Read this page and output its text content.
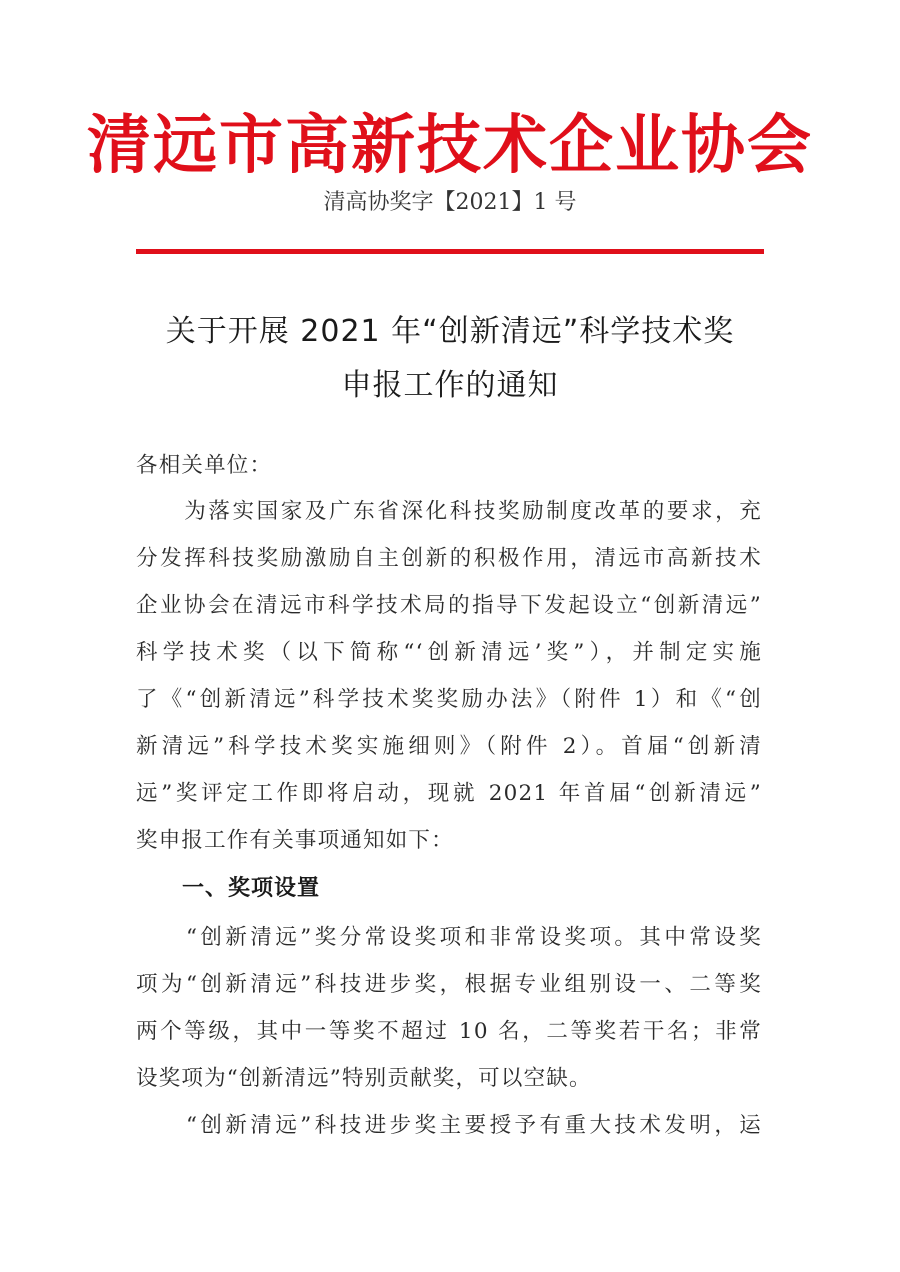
清远市高新技术企业协会
清高协奖字【2021】1 号
关于开展 2021 年“创新清远”科学技术奖
申报工作的通知
各相关单位：
　　为落实国家及广东省深化科技奖励制度改革的要求，充
分发挥科技奖励激励自主创新的积极作用，清远市高新技术
企业协会在清远市科学技术局的指导下发起设立“创新清远”
科学技术奖（以下简称“‘创新清远’奖”），并制定实施
了《“创新清远”科学技术奖奖励办法》（附件 1）和《“创
新清远”科学技术奖实施细则》（附件 2）。首届“创新清
远”奖评定工作即将启动，现就 2021 年首届“创新清远”
奖申报工作有关事项通知如下：
一、奖项设置
　　“创新清远”奖分常设奖项和非常设奖项。其中常设奖
项为“创新清远”科技进步奖，根据专业组别设一、二等奖
两个等级，其中一等奖不超过 10 名，二等奖若干名；非常
设奖项为“创新清远”特别贡献奖，可以空缺。
　　“创新清远”科技进步奖主要授予有重大技术发明，运
